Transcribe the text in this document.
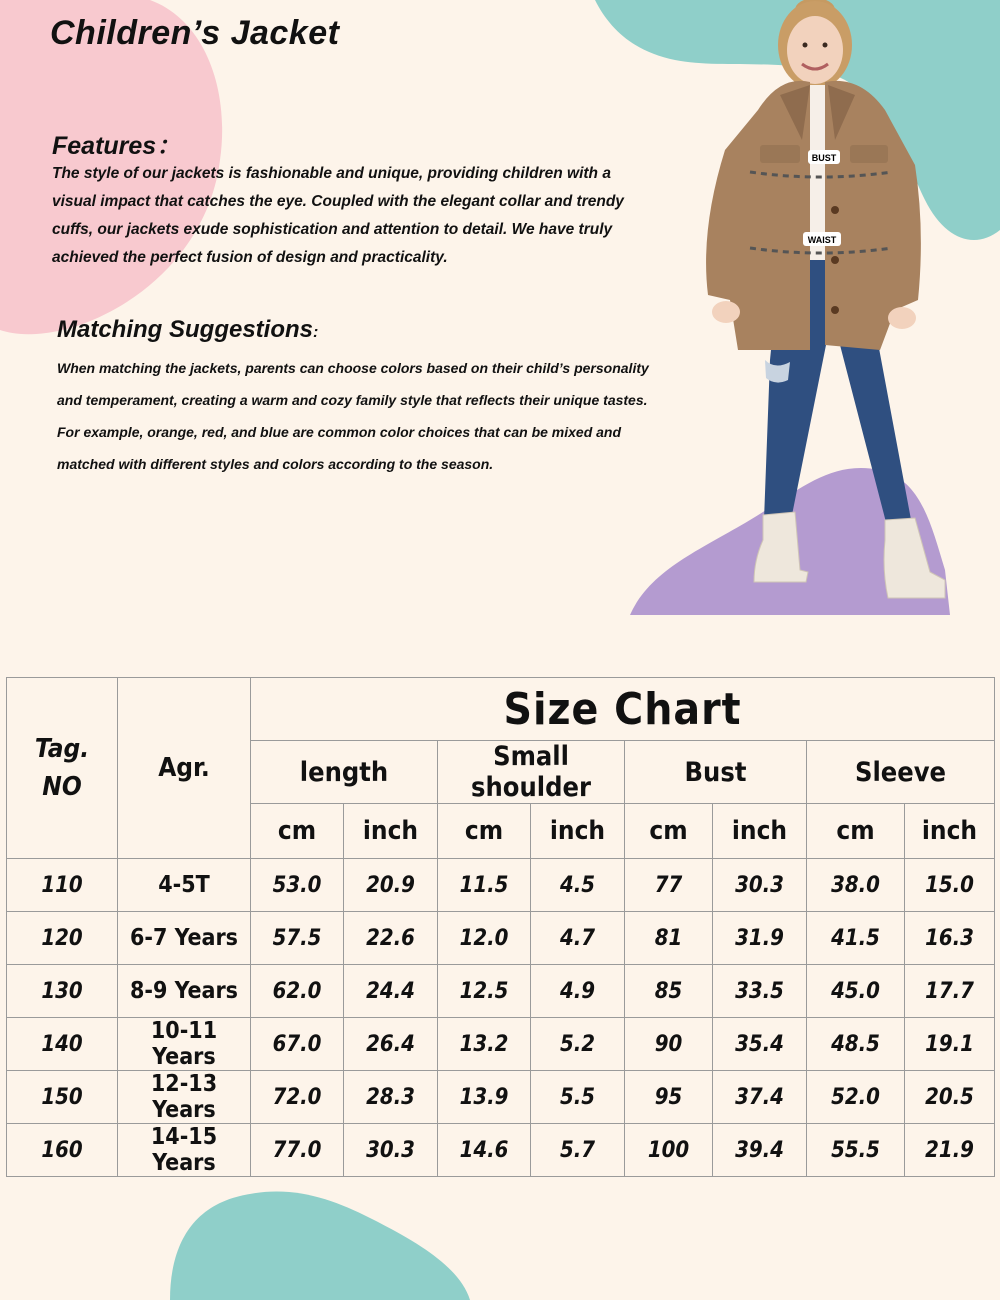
Children’s Jacket
Features：

The style of our jackets is fashionable and unique, providing children with a visual impact that catches the eye. Coupled with the elegant collar and trendy cuffs, our jackets exude sophistication and attention to detail. We have truly achieved the perfect fusion of design and practicality.

Matching Suggestions:

When matching the jackets, parents can choose colors based on their child’s personality and temperament, creating a warm and cozy family style that reflects their unique tastes. For example, orange, red, and blue are common color choices that can be mixed and matched with different styles and colors according to the season.

BUST
WAIST
Tag.
NO	Agr.	Size Chart							
		length		Small shoulder		Bust		Sleeve	
		cm	inch	cm	inch	cm	inch	cm	inch
110	4-5T	53.0	20.9	11.5	4.5	77	30.3	38.0	15.0
120	6-7 Years	57.5	22.6	12.0	4.7	81	31.9	41.5	16.3
130	8-9 Years	62.0	24.4	12.5	4.9	85	33.5	45.0	17.7
140	10-11 Years	67.0	26.4	13.2	5.2	90	35.4	48.5	19.1
150	12-13 Years	72.0	28.3	13.9	5.5	95	37.4	52.0	20.5
160	14-15 Years	77.0	30.3	14.6	5.7	100	39.4	55.5	21.9
